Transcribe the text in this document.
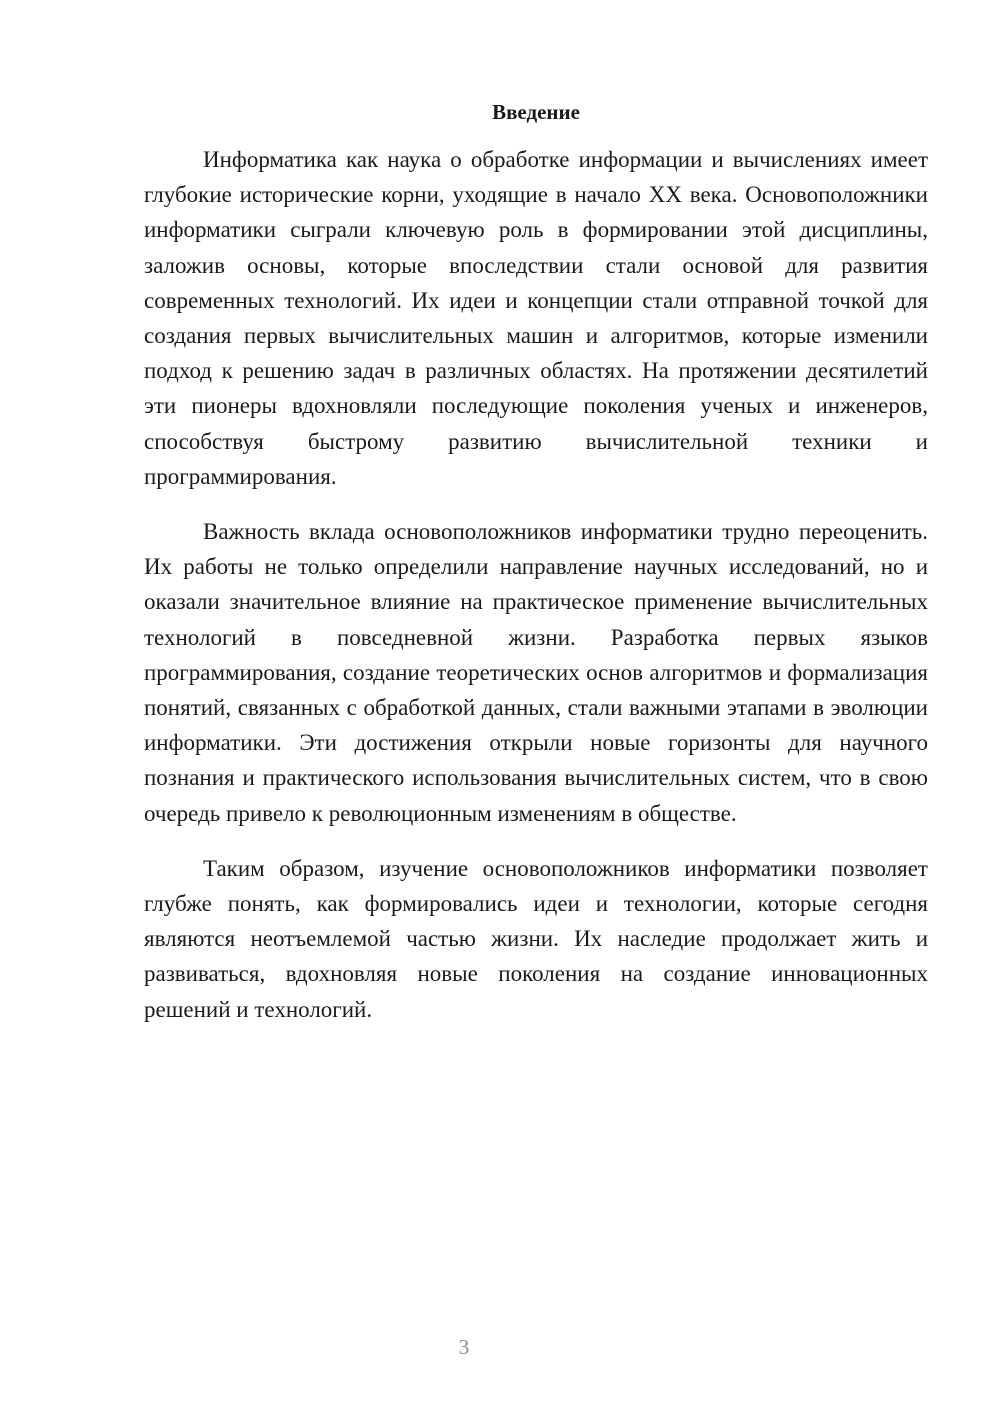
Введение

Информатика как наука о обработке информации и вычислениях имеет глубокие исторические корни, уходящие в начало XX века. Основоположники информатики сыграли ключевую роль в формировании этой дисциплины, заложив основы, которые впоследствии стали основой для развития современных технологий. Их идеи и концепции стали отправной точкой для создания первых вычислительных машин и алгоритмов, которые изменили подход к решению задач в различных областях. На протяжении десятилетий эти пионеры вдохновляли последующие поколения ученых и инженеров, способствуя быстрому развитию вычислительной техники и программирования.

Важность вклада основоположников информатики трудно переоценить. Их работы не только определили направление научных исследований, но и оказали значительное влияние на практическое применение вычислительных технологий в повседневной жизни. Разработка первых языков программирования, создание теоретических основ алгоритмов и формализация понятий, связанных с обработкой данных, стали важными этапами в эволюции информатики. Эти достижения открыли новые горизонты для научного познания и практического использования вычислительных систем, что в свою очередь привело к революционным изменениям в обществе.

Таким образом, изучение основоположников информатики позволяет глубже понять, как формировались идеи и технологии, которые сегодня являются неотъемлемой частью жизни. Их наследие продолжает жить и развиваться, вдохновляя новые поколения на создание инновационных решений и технологий.

3
